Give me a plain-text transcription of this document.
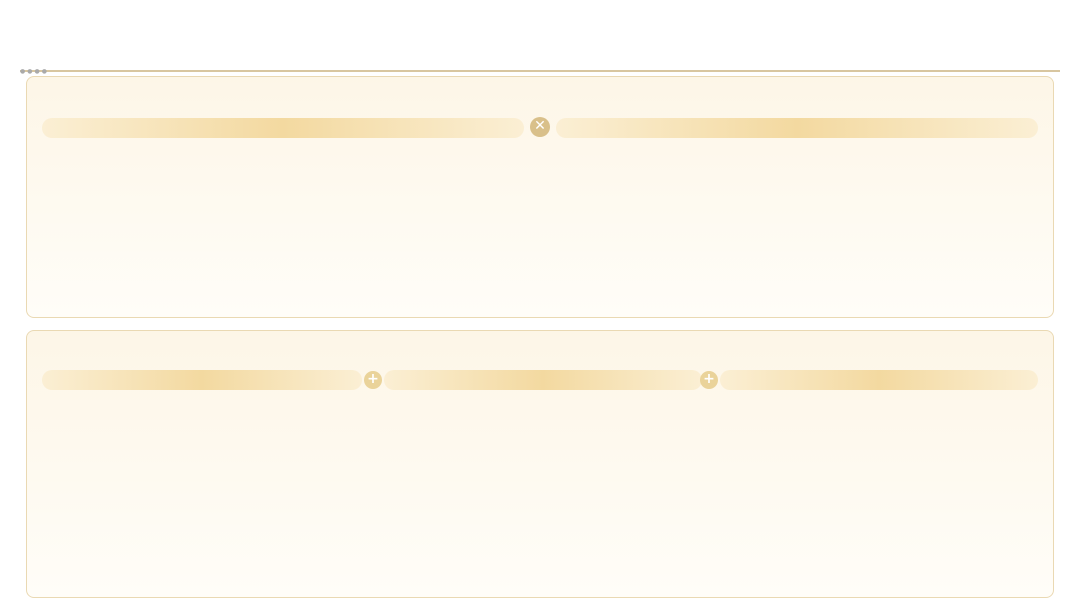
●●●●
✕
+	+
